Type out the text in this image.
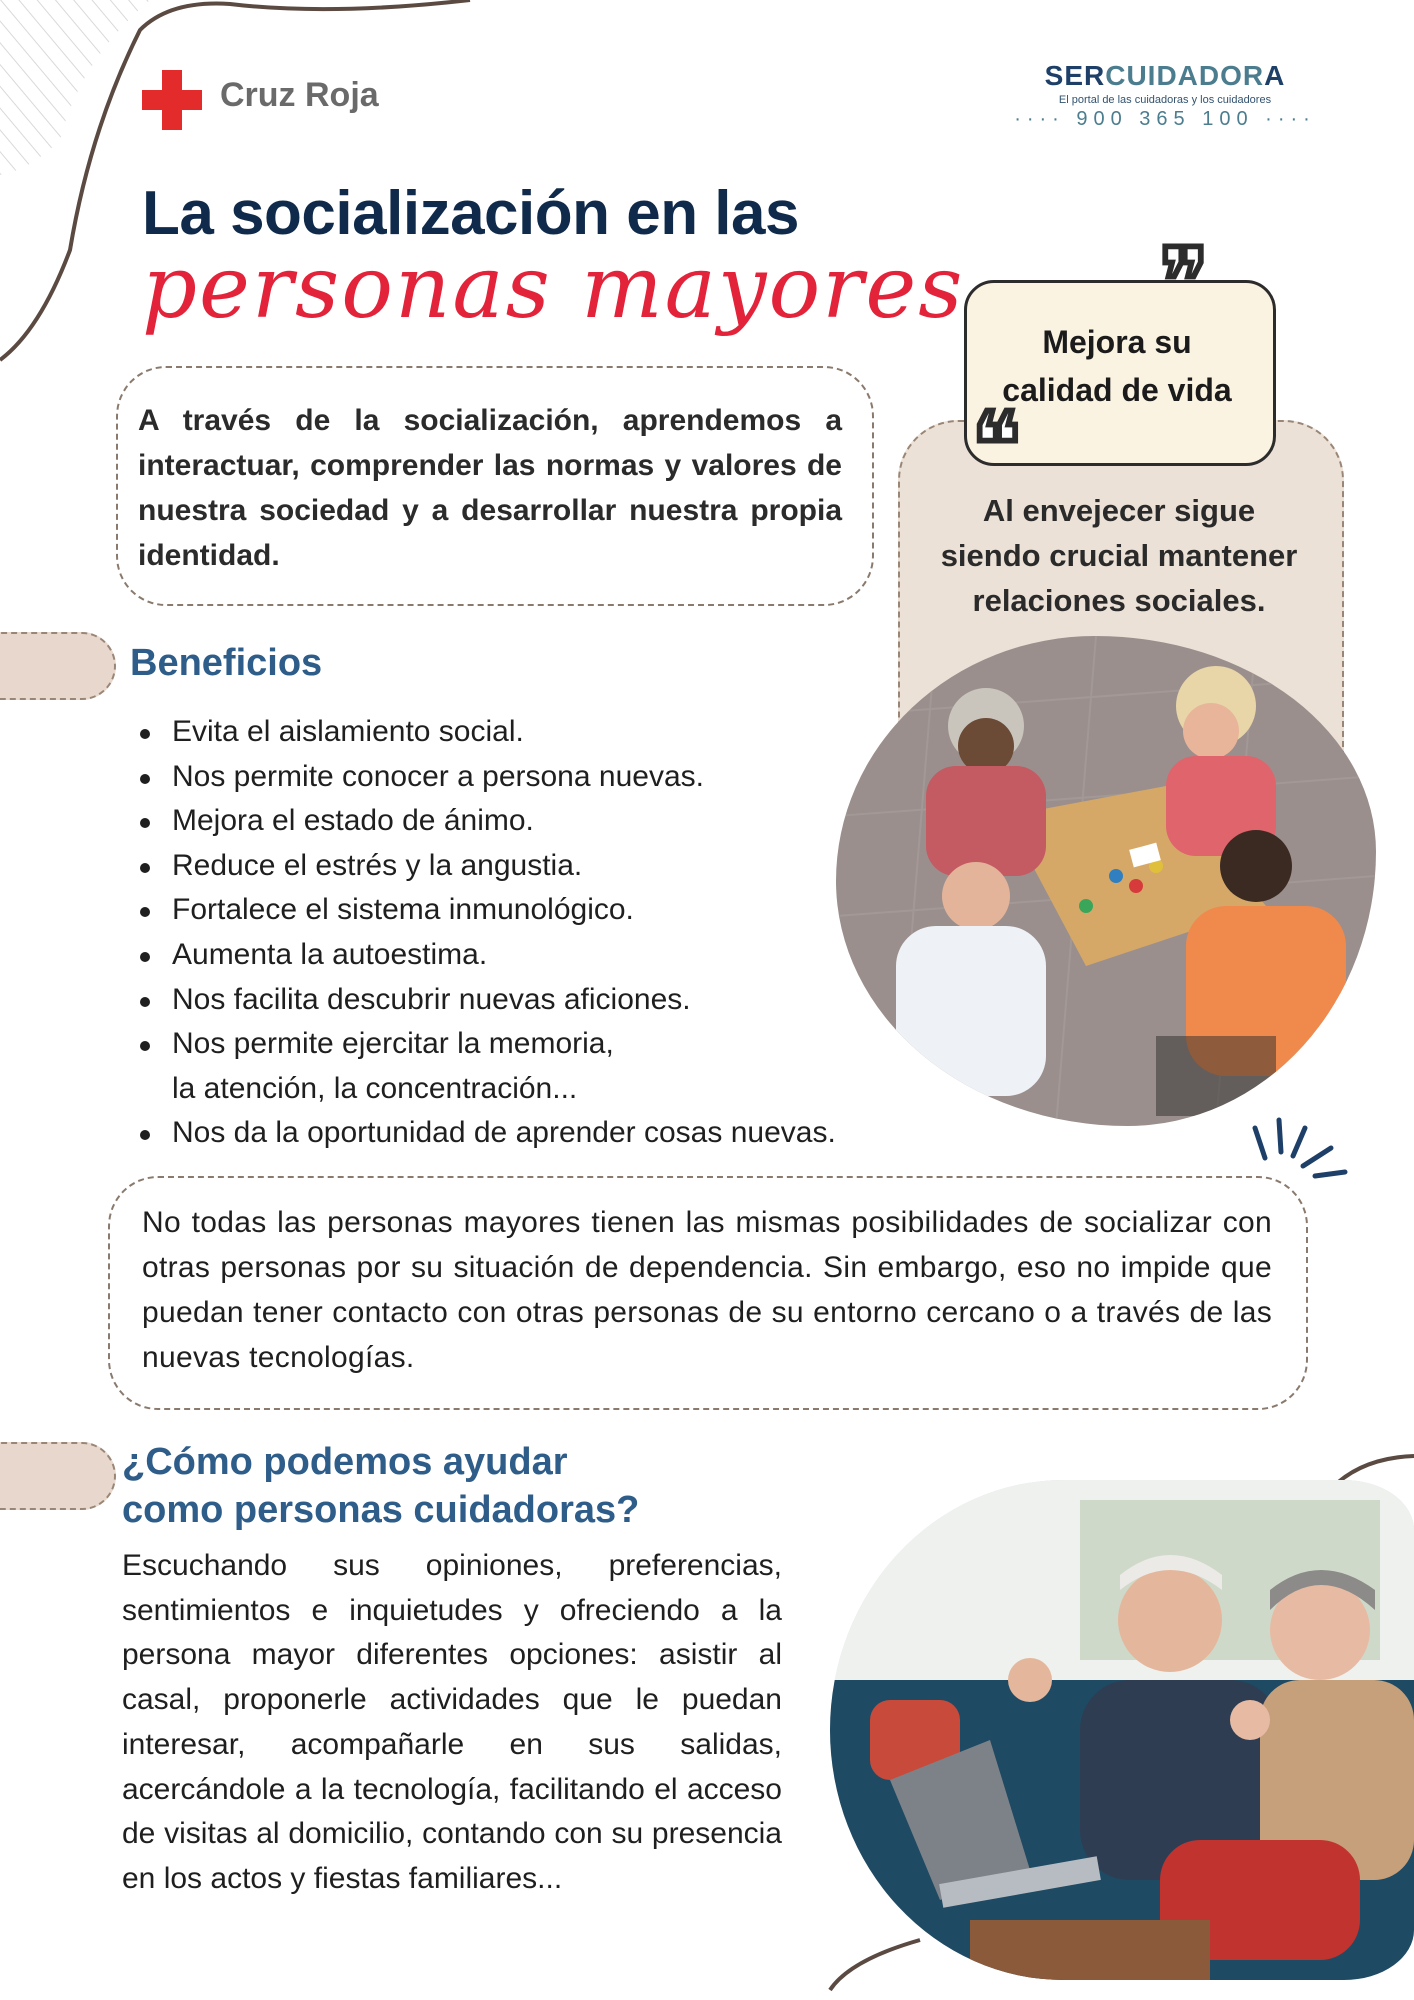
Cruz Roja
SERCUIDADORA
El portal de las cuidadoras y los cuidadores
···· 900 365 100 ····
La socialización en las
personas mayores
Al envejecer sigue
siendo crucial mantener
relaciones sociales.
❞
❝
Mejora su
calidad de vida
A través de la socialización, aprendemos a interactuar, comprender las normas y valores de nuestra sociedad y a desarrollar nuestra propia identidad.
Beneficios
Evita el aislamiento social.
Nos permite conocer a persona nuevas.
Mejora el estado de ánimo.
Reduce el estrés y la angustia.
Fortalece el sistema inmunológico.
Aumenta la autoestima.
Nos facilita descubrir nuevas aficiones.
Nos permite ejercitar la memoria,
la atención, la concentración...
Nos da la oportunidad de aprender cosas nuevas.
No todas las personas mayores tienen las mismas posibilidades de socializar con otras personas por su situación de dependencia. Sin embargo, eso no impide que puedan tener contacto con otras personas de su entorno cercano o a través de las nuevas tecnologías.
¿Cómo podemos ayudar
como personas cuidadoras?
Escuchando sus opiniones, preferencias, sentimientos e inquietudes y ofreciendo a la persona mayor diferentes opciones: asistir al casal, proponerle actividades que le puedan interesar, acompañarle en sus salidas, acercándole a la tecnología, facilitando el acceso de visitas al domicilio, contando con su presencia en los actos y fiestas familiares...
